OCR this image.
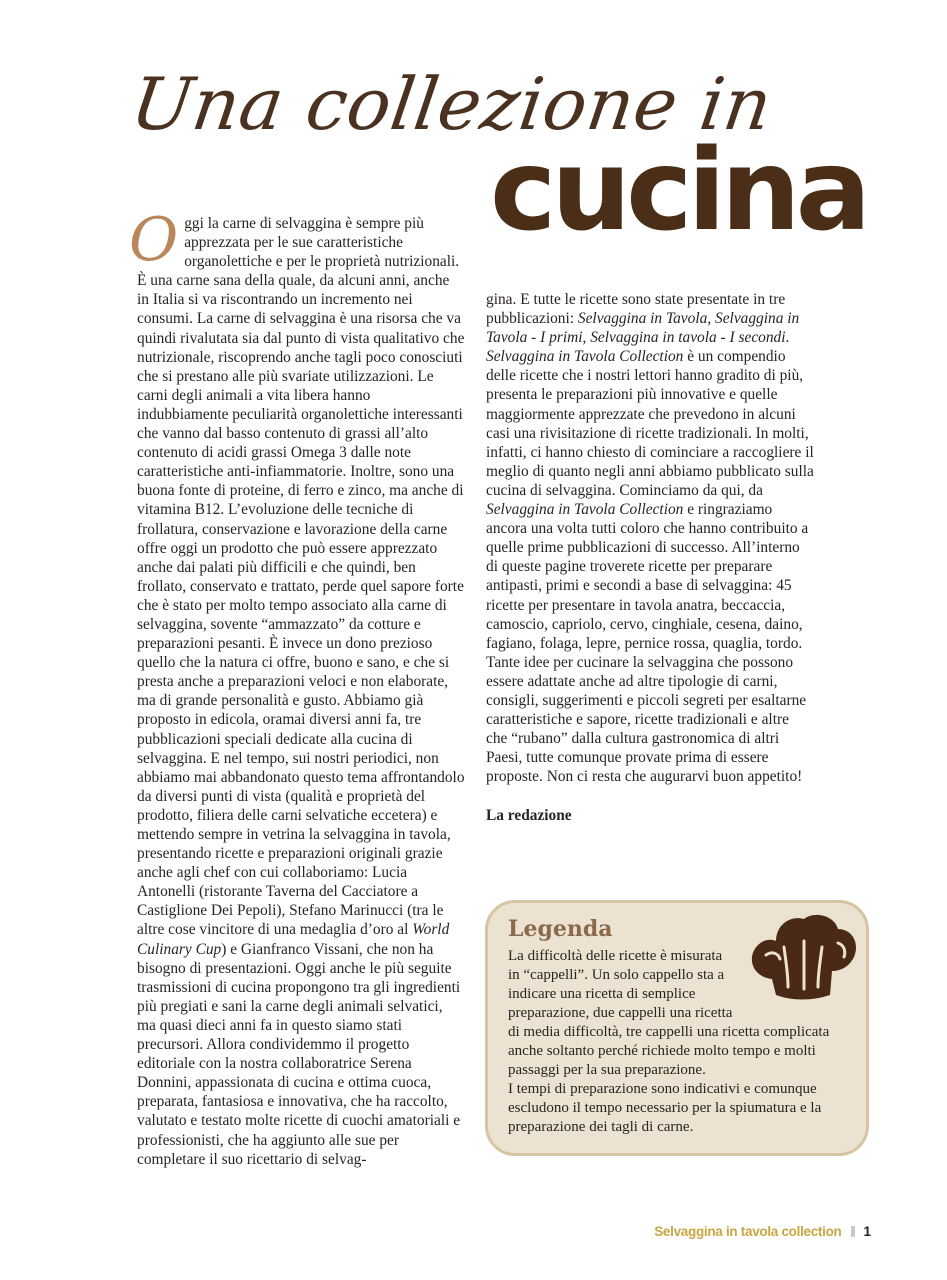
Una collezione in
cucina

Oggi la carne di selvaggina è sempre più apprezzata per le sue caratteristiche organolettiche e per le proprietà nutrizionali. È una carne sana della quale, da alcuni anni, anche in Italia si va riscontrando un incremento nei consumi. La carne di selvaggina è una risorsa che va quindi rivalutata sia dal punto di vista qualitativo che nutrizionale, riscoprendo anche tagli poco conosciuti che si prestano alle più svariate utilizzazioni. Le carni degli animali a vita libera hanno indubbiamente peculiarità organolettiche interessanti che vanno dal basso contenuto di grassi all’alto contenuto di acidi grassi Omega 3 dalle note caratteristiche anti-infiammatorie. Inoltre, sono una buona fonte di proteine, di ferro e zinco, ma anche di vitamina B12. L’evoluzione delle tecniche di frollatura, conservazione e lavorazione della carne offre oggi un prodotto che può essere apprezzato anche dai palati più difficili e che quindi, ben frollato, conservato e trattato, perde quel sapore forte che è stato per molto tempo associato alla carne di selvaggina, sovente “ammazzato” da cotture e preparazioni pesanti. È invece un dono prezioso quello che la natura ci offre, buono e sano, e che si presta anche a preparazioni veloci e non elaborate, ma di grande personalità e gusto. Abbiamo già proposto in edicola, oramai diversi anni fa, tre pubblicazioni speciali dedicate alla cucina di selvaggina. E nel tempo, sui nostri periodici, non abbiamo mai abbandonato questo tema affrontandolo da diversi punti di vista (qualità e proprietà del prodotto, filiera delle carni selvatiche eccetera) e mettendo sempre in vetrina la selvaggina in tavola, presentando ricette e preparazioni originali grazie anche agli chef con cui collaboriamo: Lucia Antonelli (ristorante Taverna del Cacciatore a Castiglione Dei Pepoli), Stefano Marinucci (tra le altre cose vincitore di una medaglia d’oro al World Culinary Cup) e Gianfranco Vissani, che non ha bisogno di presentazioni. Oggi anche le più seguite trasmissioni di cucina propongono tra gli ingredienti più pregiati e sani la carne degli animali selvatici, ma quasi dieci anni fa in questo siamo stati precursori. Allora condividemmo il progetto editoriale con la nostra collaboratrice Serena Donnini, appassionata di cucina e ottima cuoca, preparata, fantasiosa e innovativa, che ha raccolto, valutato e testato molte ricette di cuochi amatoriali e professionisti, che ha aggiunto alle sue per completare il suo ricettario di selvag-

gina. E tutte le ricette sono state presentate in tre pubblicazioni: Selvaggina in Tavola, Selvaggina in Tavola - I primi, Selvaggina in tavola - I secondi. Selvaggina in Tavola Collection è un compendio delle ricette che i nostri lettori hanno gradito di più, presenta le preparazioni più innovative e quelle maggiormente apprezzate che prevedono in alcuni casi una rivisitazione di ricette tradizionali. In molti, infatti, ci hanno chiesto di cominciare a raccogliere il meglio di quanto negli anni abbiamo pubblicato sulla cucina di selvaggina. Cominciamo da qui, da Selvaggina in Tavola Collection e ringraziamo ancora una volta tutti coloro che hanno contribuito a quelle prime pubblicazioni di successo. All’interno di queste pagine troverete ricette per preparare antipasti, primi e secondi a base di selvaggina: 45 ricette per presentare in tavola anatra, beccaccia, camoscio, capriolo, cervo, cinghiale, cesena, daino, fagiano, folaga, lepre, pernice rossa, quaglia, tordo. Tante idee per cucinare la selvaggina che possono essere adattate anche ad altre tipologie di carni, consigli, suggerimenti e piccoli segreti per esaltarne caratteristiche e sapore, ricette tradizionali e altre che “rubano” dalla cultura gastronomica di altri Paesi, tutte comunque provate prima di essere proposte. Non ci resta che augurarvi buon appetito!

La redazione

Legenda

La difficoltà delle ricette è misurata in “cappelli”. Un solo cappello sta a indicare una ricetta di semplice preparazione, due cappelli una ricetta di media difficoltà, tre cappelli una ricetta complicata anche soltanto perché richiede molto tempo e molti passaggi per la sua preparazione.
I tempi di preparazione sono indicativi e comunque escludono il tempo necessario per la spiumatura e la preparazione dei tagli di carne.

Selvaggina in tavola collection 1
